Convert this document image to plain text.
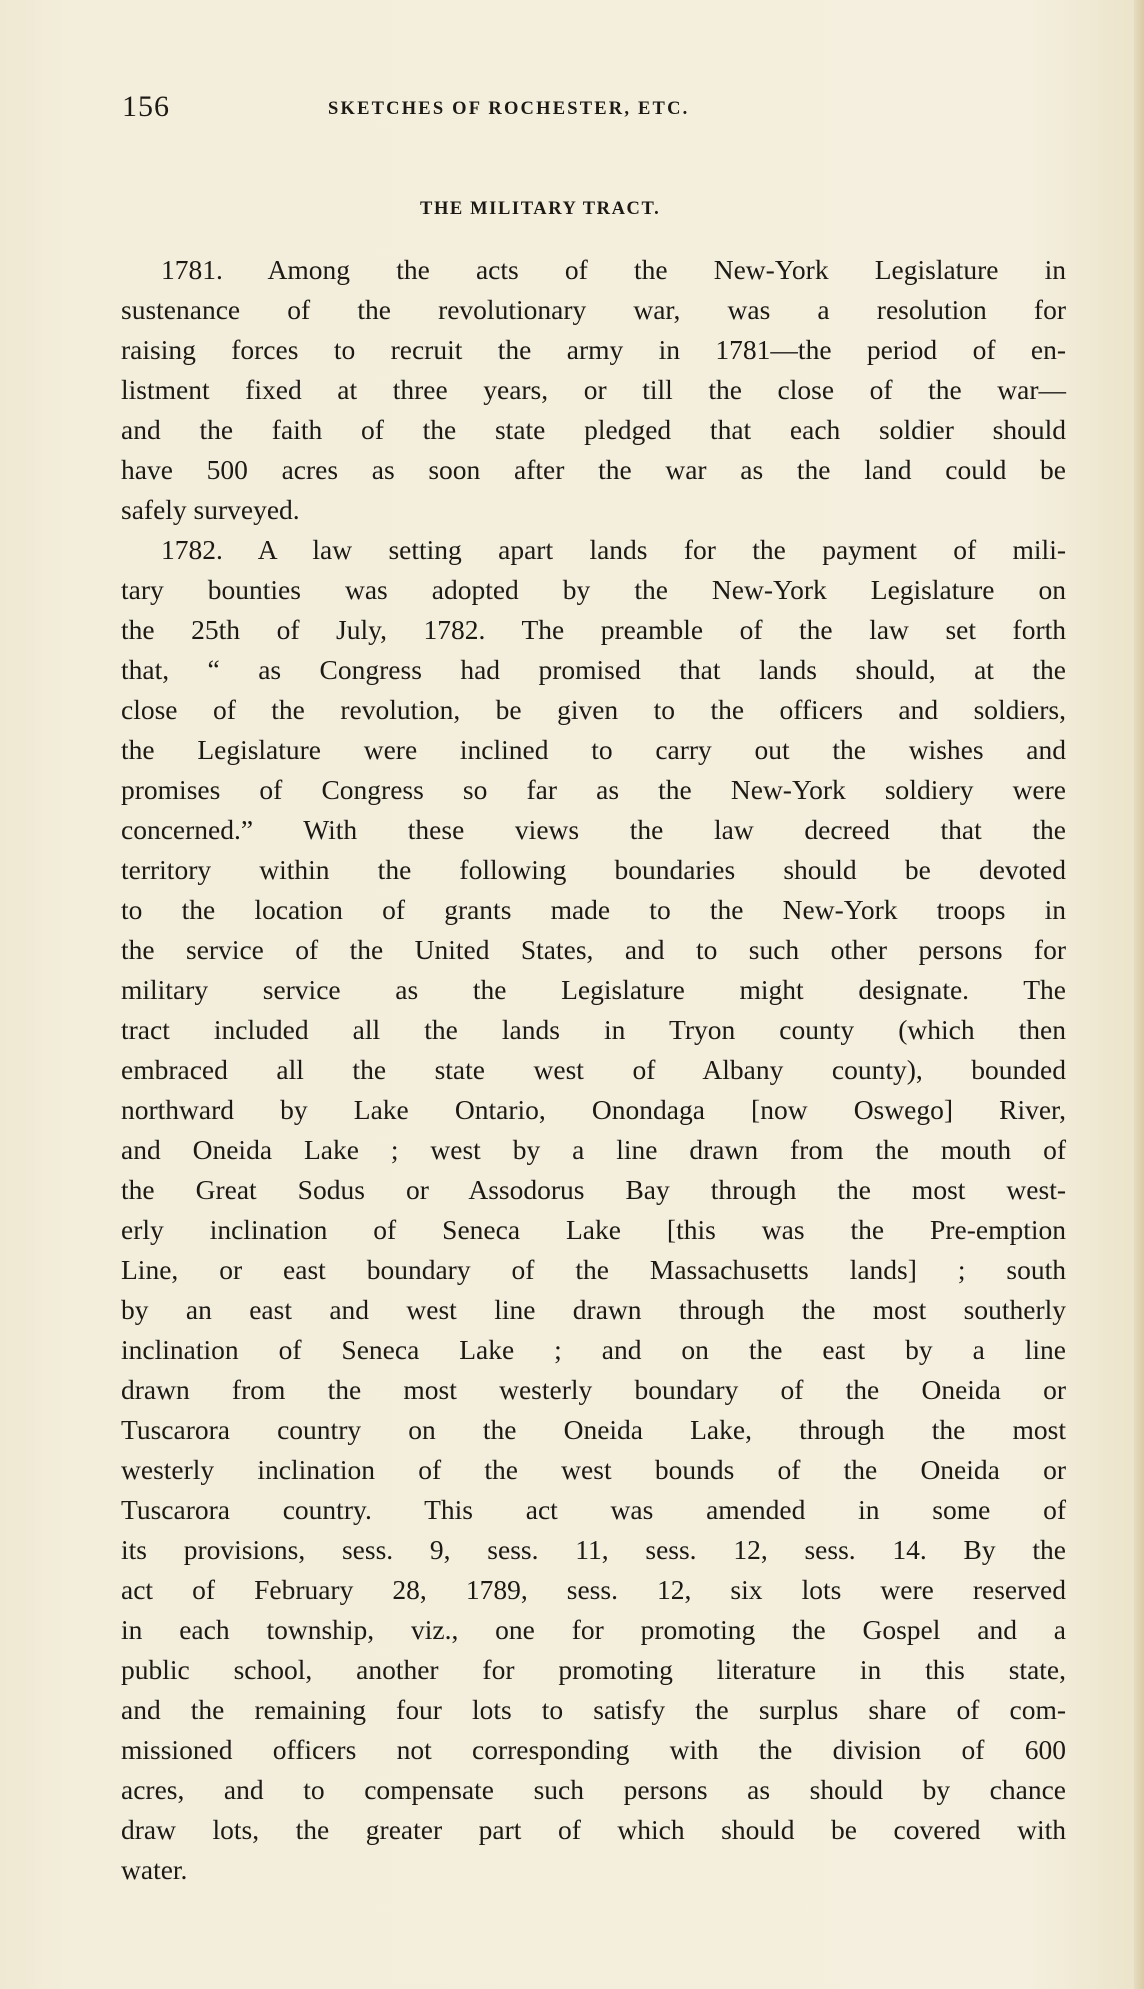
156	SKETCHES OF ROCHESTER, ETC.
THE MILITARY TRACT.
1781. Among the acts of the New-York Legislature in
sustenance of the revolutionary war, was a resolution for
raising forces to recruit the army in 1781—the period of en-
listment fixed at three years, or till the close of the war—
and the faith of the state pledged that each soldier should
have 500 acres as soon after the war as the land could be
safely surveyed.
1782. A law setting apart lands for the payment of mili-
tary bounties was adopted by the New-York Legislature on
the 25th of July, 1782. The preamble of the law set forth
that, “ as Congress had promised that lands should, at the
close of the revolution, be given to the officers and soldiers,
the Legislature were inclined to carry out the wishes and
promises of Congress so far as the New-York soldiery were
concerned.” With these views the law decreed that the
territory within the following boundaries should be devoted
to the location of grants made to the New-York troops in
the service of the United States, and to such other persons for
military service as the Legislature might designate. The
tract included all the lands in Tryon county (which then
embraced all the state west of Albany county), bounded
northward by Lake Ontario, Onondaga [now Oswego] River,
and Oneida Lake ; west by a line drawn from the mouth of
the Great Sodus or Assodorus Bay through the most west-
erly inclination of Seneca Lake [this was the Pre-emption
Line, or east boundary of the Massachusetts lands] ; south
by an east and west line drawn through the most southerly
inclination of Seneca Lake ; and on the east by a line
drawn from the most westerly boundary of the Oneida or
Tuscarora country on the Oneida Lake, through the most
westerly inclination of the west bounds of the Oneida or
Tuscarora country. This act was amended in some of
its provisions, sess. 9, sess. 11, sess. 12, sess. 14. By the
act of February 28, 1789, sess. 12, six lots were reserved
in each township, viz., one for promoting the Gospel and a
public school, another for promoting literature in this state,
and the remaining four lots to satisfy the surplus share of com-
missioned officers not corresponding with the division of 600
acres, and to compensate such persons as should by chance
draw lots, the greater part of which should be covered with
water.
